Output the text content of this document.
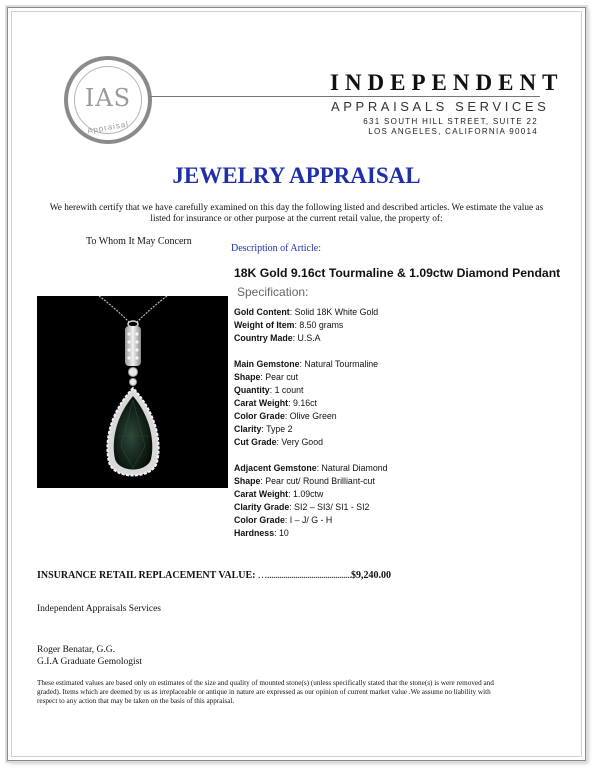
IAS
Appraisal
INDEPENDENT
APPRAISALS SERVICES
631 SOUTH HILL STREET, SUITE 22
LOS ANGELES, CALIFORNIA 90014
JEWELRY APPRAISAL
We herewith certify that we have carefully examined on this day the following listed and described articles. We estimate the value as listed for insurance or other purpose at the current retail value, the property of:
To Whom It May Concern
Description of Article:
18K Gold 9.16ct Tourmaline & 1.09ctw Diamond Pendant
Specification:
Gold Content: Solid 18K White Gold
Weight of Item: 8.50 grams
Country Made: U.S.A
Main Gemstone: Natural Tourmaline
Shape: Pear cut
Quantity: 1 count
Carat Weight: 9.16ct
Color Grade: Olive Green
Clarity: Type 2
Cut Grade: Very Good
Adjacent Gemstone: Natural Diamond
Shape: Pear cut/ Round Brilliant-cut
Carat Weight: 1.09ctw
Clarity Grade: SI2 – SI3/ SI1 - SI2
Color Grade: I – J/ G - H
Hardness: 10
INSURANCE RETAIL REPLACEMENT VALUE: …..........................................$9,240.00
Independent Appraisals Services
Roger Benatar, G.G.
G.I.A Graduate Gemologist
These estimated values are based only on estimates of the size and quality of mounted stone(s) (unless specifically stated that the stone(s) is were removed and graded). Items which are deemed by us as irreplaceable or antique in nature are expressed as our opinion of current market value .We assume no liability with respect to any action that may be taken on the basis of this appraisal.
